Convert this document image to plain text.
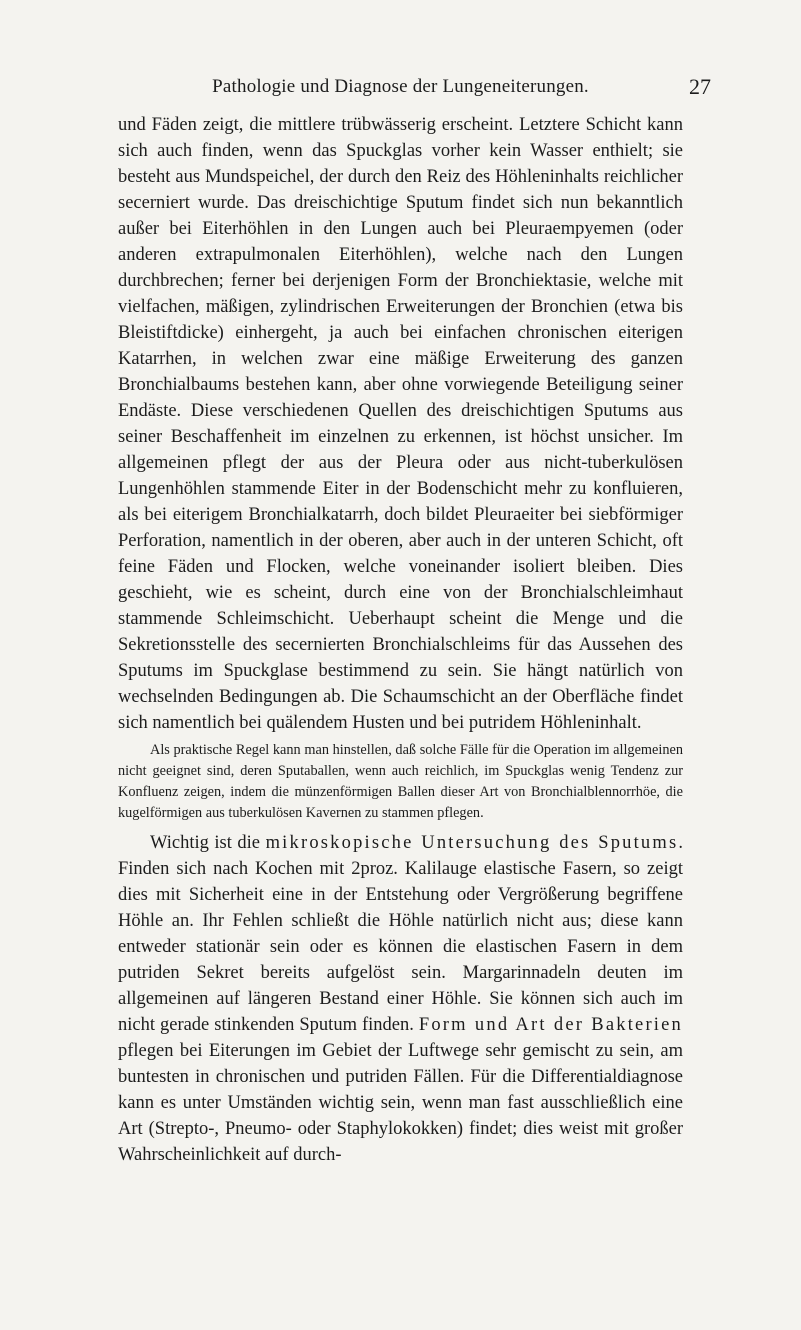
Pathologie und Diagnose der Lungeneiterungen.	27

und Fäden zeigt, die mittlere trübwässerig erscheint. Letztere Schicht kann sich auch finden, wenn das Spuckglas vorher kein Wasser enthielt; sie besteht aus Mundspeichel, der durch den Reiz des Höhleninhalts reichlicher secerniert wurde. Das dreischichtige Sputum findet sich nun bekanntlich außer bei Eiterhöhlen in den Lungen auch bei Pleuraempyemen (oder anderen extrapulmonalen Eiterhöhlen), welche nach den Lungen durchbrechen; ferner bei derjenigen Form der Bronchiektasie, welche mit vielfachen, mäßigen, zylindrischen Erweiterungen der Bronchien (etwa bis Bleistiftdicke) einhergeht, ja auch bei einfachen chronischen eiterigen Katarrhen, in welchen zwar eine mäßige Erweiterung des ganzen Bronchialbaums bestehen kann, aber ohne vorwiegende Beteiligung seiner Endäste. Diese verschiedenen Quellen des dreischichtigen Sputums aus seiner Beschaffenheit im einzelnen zu erkennen, ist höchst unsicher. Im allgemeinen pflegt der aus der Pleura oder aus nicht-tuberkulösen Lungenhöhlen stammende Eiter in der Bodenschicht mehr zu konfluieren, als bei eiterigem Bronchialkatarrh, doch bildet Pleuraeiter bei siebförmiger Perforation, namentlich in der oberen, aber auch in der unteren Schicht, oft feine Fäden und Flocken, welche voneinander isoliert bleiben. Dies geschieht, wie es scheint, durch eine von der Bronchialschleimhaut stammende Schleimschicht. Ueberhaupt scheint die Menge und die Sekretionsstelle des secernierten Bronchialschleims für das Aussehen des Sputums im Spuckglase bestimmend zu sein. Sie hängt natürlich von wechselnden Bedingungen ab. Die Schaumschicht an der Oberfläche findet sich namentlich bei quälendem Husten und bei putridem Höhleninhalt.

Als praktische Regel kann man hinstellen, daß solche Fälle für die Operation im allgemeinen nicht geeignet sind, deren Sputaballen, wenn auch reichlich, im Spuckglas wenig Tendenz zur Konfluenz zeigen, indem die münzenförmigen Ballen dieser Art von Bronchialblennorrhöe, die kugelförmigen aus tuberkulösen Kavernen zu stammen pflegen.

Wichtig ist die mikroskopische Untersuchung des Sputums. Finden sich nach Kochen mit 2proz. Kalilauge elastische Fasern, so zeigt dies mit Sicherheit eine in der Entstehung oder Vergrößerung begriffene Höhle an. Ihr Fehlen schließt die Höhle natürlich nicht aus; diese kann entweder stationär sein oder es können die elastischen Fasern in dem putriden Sekret bereits aufgelöst sein. Margarinnadeln deuten im allgemeinen auf längeren Bestand einer Höhle. Sie können sich auch im nicht gerade stinkenden Sputum finden. Form und Art der Bakterien pflegen bei Eiterungen im Gebiet der Luftwege sehr gemischt zu sein, am buntesten in chronischen und putriden Fällen. Für die Differentialdiagnose kann es unter Umständen wichtig sein, wenn man fast ausschließlich eine Art (Strepto-, Pneumo- oder Staphylokokken) findet; dies weist mit großer Wahrscheinlichkeit auf durch-
